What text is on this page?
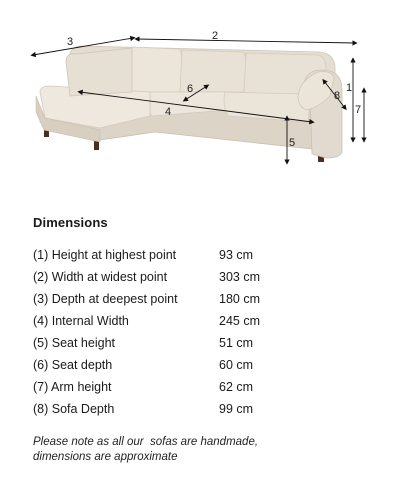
3	2
1
7
8
6
4
5
Dimensions
(1) Height at highest point	93 cm
(2) Width at widest point	303 cm
(3) Depth at deepest point	180 cm
(4) Internal Width	245 cm
(5) Seat height	51 cm
(6) Seat depth	60 cm
(7) Arm height	62 cm
(8) Sofa Depth	99 cm
Please note as all our  sofas are handmade,
dimensions are approximate
